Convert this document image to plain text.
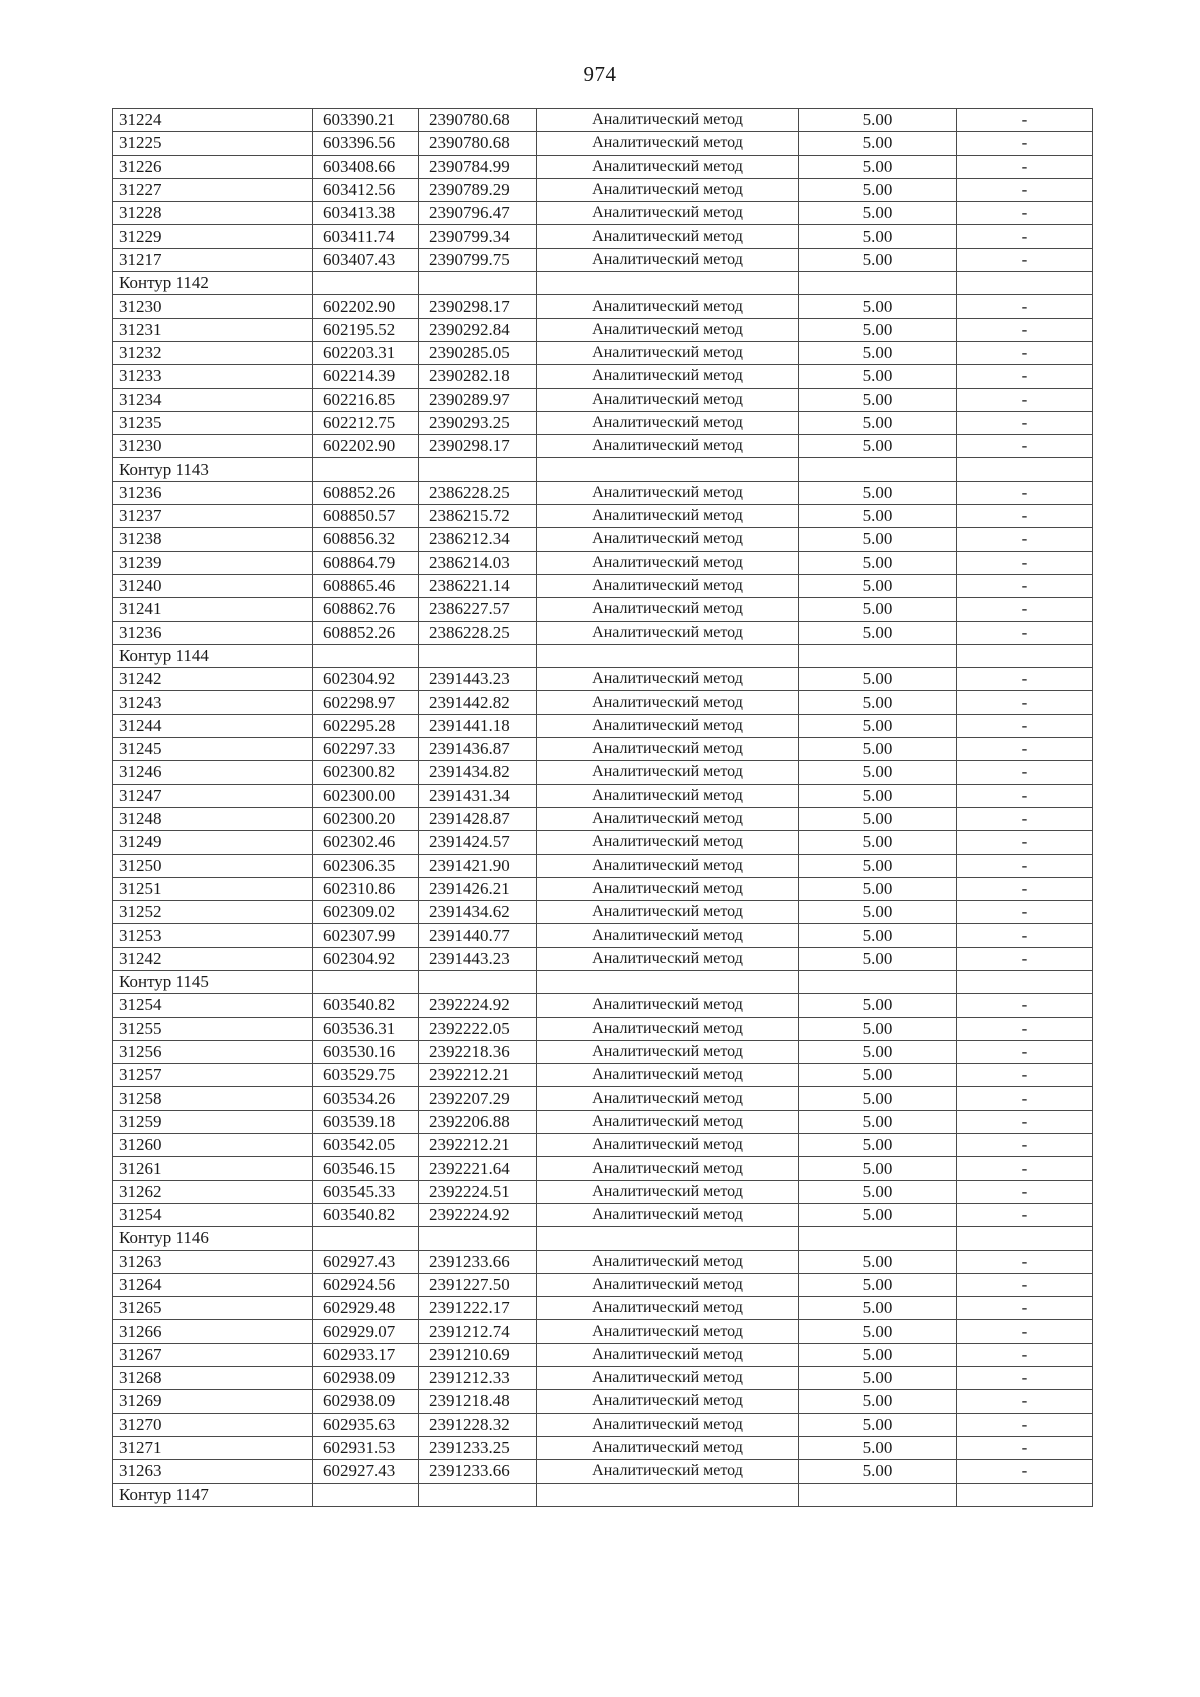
974
31224	603390.21	2390780.68	Аналитический метод	5.00	-
31225	603396.56	2390780.68	Аналитический метод	5.00	-
31226	603408.66	2390784.99	Аналитический метод	5.00	-
31227	603412.56	2390789.29	Аналитический метод	5.00	-
31228	603413.38	2390796.47	Аналитический метод	5.00	-
31229	603411.74	2390799.34	Аналитический метод	5.00	-
31217	603407.43	2390799.75	Аналитический метод	5.00	-
Контур 1142					
31230	602202.90	2390298.17	Аналитический метод	5.00	-
31231	602195.52	2390292.84	Аналитический метод	5.00	-
31232	602203.31	2390285.05	Аналитический метод	5.00	-
31233	602214.39	2390282.18	Аналитический метод	5.00	-
31234	602216.85	2390289.97	Аналитический метод	5.00	-
31235	602212.75	2390293.25	Аналитический метод	5.00	-
31230	602202.90	2390298.17	Аналитический метод	5.00	-
Контур 1143					
31236	608852.26	2386228.25	Аналитический метод	5.00	-
31237	608850.57	2386215.72	Аналитический метод	5.00	-
31238	608856.32	2386212.34	Аналитический метод	5.00	-
31239	608864.79	2386214.03	Аналитический метод	5.00	-
31240	608865.46	2386221.14	Аналитический метод	5.00	-
31241	608862.76	2386227.57	Аналитический метод	5.00	-
31236	608852.26	2386228.25	Аналитический метод	5.00	-
Контур 1144					
31242	602304.92	2391443.23	Аналитический метод	5.00	-
31243	602298.97	2391442.82	Аналитический метод	5.00	-
31244	602295.28	2391441.18	Аналитический метод	5.00	-
31245	602297.33	2391436.87	Аналитический метод	5.00	-
31246	602300.82	2391434.82	Аналитический метод	5.00	-
31247	602300.00	2391431.34	Аналитический метод	5.00	-
31248	602300.20	2391428.87	Аналитический метод	5.00	-
31249	602302.46	2391424.57	Аналитический метод	5.00	-
31250	602306.35	2391421.90	Аналитический метод	5.00	-
31251	602310.86	2391426.21	Аналитический метод	5.00	-
31252	602309.02	2391434.62	Аналитический метод	5.00	-
31253	602307.99	2391440.77	Аналитический метод	5.00	-
31242	602304.92	2391443.23	Аналитический метод	5.00	-
Контур 1145					
31254	603540.82	2392224.92	Аналитический метод	5.00	-
31255	603536.31	2392222.05	Аналитический метод	5.00	-
31256	603530.16	2392218.36	Аналитический метод	5.00	-
31257	603529.75	2392212.21	Аналитический метод	5.00	-
31258	603534.26	2392207.29	Аналитический метод	5.00	-
31259	603539.18	2392206.88	Аналитический метод	5.00	-
31260	603542.05	2392212.21	Аналитический метод	5.00	-
31261	603546.15	2392221.64	Аналитический метод	5.00	-
31262	603545.33	2392224.51	Аналитический метод	5.00	-
31254	603540.82	2392224.92	Аналитический метод	5.00	-
Контур 1146					
31263	602927.43	2391233.66	Аналитический метод	5.00	-
31264	602924.56	2391227.50	Аналитический метод	5.00	-
31265	602929.48	2391222.17	Аналитический метод	5.00	-
31266	602929.07	2391212.74	Аналитический метод	5.00	-
31267	602933.17	2391210.69	Аналитический метод	5.00	-
31268	602938.09	2391212.33	Аналитический метод	5.00	-
31269	602938.09	2391218.48	Аналитический метод	5.00	-
31270	602935.63	2391228.32	Аналитический метод	5.00	-
31271	602931.53	2391233.25	Аналитический метод	5.00	-
31263	602927.43	2391233.66	Аналитический метод	5.00	-
Контур 1147					
